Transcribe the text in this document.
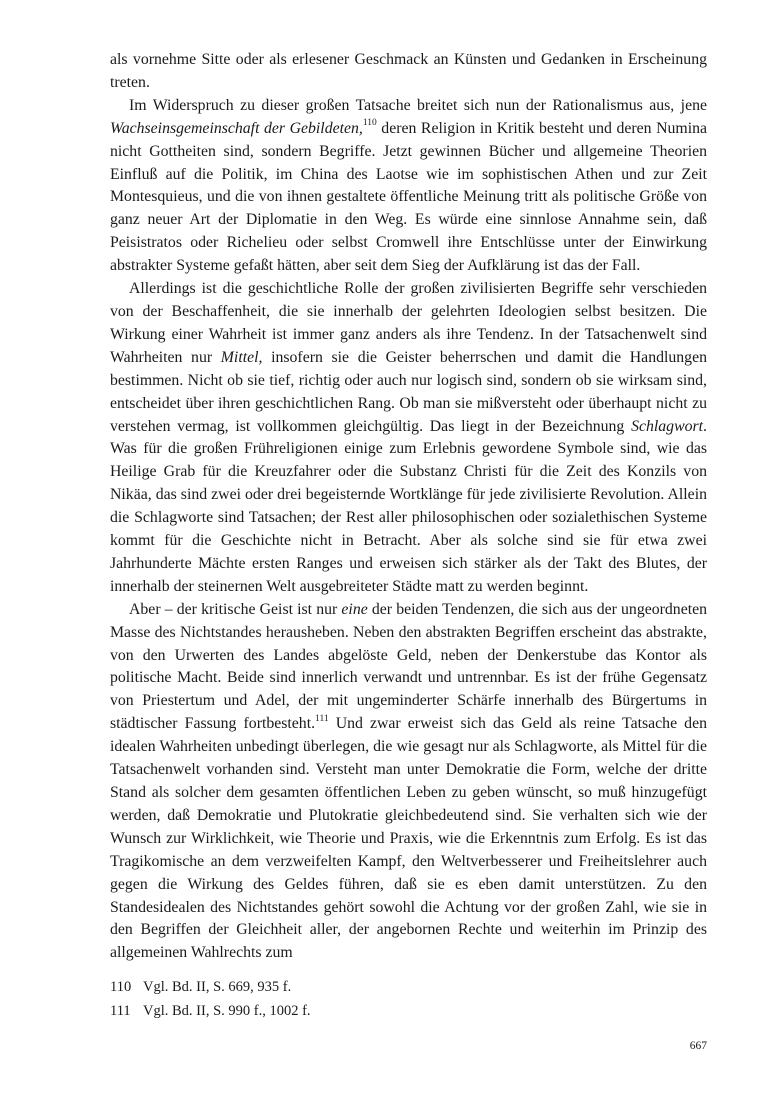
als vornehme Sitte oder als erlesener Geschmack an Künsten und Gedanken in Erscheinung treten.

Im Widerspruch zu dieser großen Tatsache breitet sich nun der Rationalismus aus, jene Wachseinsgemeinschaft der Gebildeten,$^{110}$ deren Religion in Kritik besteht und deren Numina nicht Gottheiten sind, sondern Begriffe. Jetzt gewinnen Bücher und allgemeine Theorien Einfluß auf die Politik, im China des Laotse wie im sophistischen Athen und zur Zeit Montesquieus, und die von ihnen gestaltete öffentliche Meinung tritt als politische Größe von ganz neuer Art der Diplomatie in den Weg. Es würde eine sinnlose Annahme sein, daß Peisistratos oder Richelieu oder selbst Cromwell ihre Entschlüsse unter der Einwirkung abstrakter Systeme gefaßt hätten, aber seit dem Sieg der Aufklärung ist das der Fall.

Allerdings ist die geschichtliche Rolle der großen zivilisierten Begriffe sehr verschieden von der Beschaffenheit, die sie innerhalb der gelehrten Ideologien selbst besitzen. Die Wirkung einer Wahrheit ist immer ganz anders als ihre Tendenz. In der Tatsachenwelt sind Wahrheiten nur Mittel, insofern sie die Geister beherrschen und damit die Handlungen bestimmen. Nicht ob sie tief, richtig oder auch nur logisch sind, sondern ob sie wirksam sind, entscheidet über ihren geschichtlichen Rang. Ob man sie mißversteht oder überhaupt nicht zu verstehen vermag, ist vollkommen gleichgültig. Das liegt in der Bezeichnung Schlagwort. Was für die großen Frühreligionen einige zum Erlebnis gewordene Symbole sind, wie das Heilige Grab für die Kreuzfahrer oder die Substanz Christi für die Zeit des Konzils von Nikäa, das sind zwei oder drei begeisternde Wortklänge für jede zivilisierte Revolution. Allein die Schlagworte sind Tatsachen; der Rest aller philosophischen oder sozialethischen Systeme kommt für die Geschichte nicht in Betracht. Aber als solche sind sie für etwa zwei Jahrhunderte Mächte ersten Ranges und erweisen sich stärker als der Takt des Blutes, der innerhalb der steinernen Welt ausgebreiteter Städte matt zu werden beginnt.

Aber – der kritische Geist ist nur eine der beiden Tendenzen, die sich aus der ungeordneten Masse des Nichtstandes herausheben. Neben den abstrakten Begriffen erscheint das abstrakte, von den Urwerten des Landes abgelöste Geld, neben der Denkerstube das Kontor als politische Macht. Beide sind innerlich verwandt und untrennbar. Es ist der frühe Gegensatz von Priestertum und Adel, der mit ungeminderter Schärfe innerhalb des Bürgertums in städtischer Fassung fortbesteht.$^{111}$ Und zwar erweist sich das Geld als reine Tatsache den idealen Wahrheiten unbedingt überlegen, die wie gesagt nur als Schlagworte, als Mittel für die Tatsachenwelt vorhanden sind. Versteht man unter Demokratie die Form, welche der dritte Stand als solcher dem gesamten öffentlichen Leben zu geben wünscht, so muß hinzugefügt werden, daß Demokratie und Plutokratie gleichbedeutend sind. Sie verhalten sich wie der Wunsch zur Wirklichkeit, wie Theorie und Praxis, wie die Erkenntnis zum Erfolg. Es ist das Tragikomische an dem verzweifelten Kampf, den Weltverbesserer und Freiheitslehrer auch gegen die Wirkung des Geldes führen, daß sie es eben damit unterstützen. Zu den Standesidealen des Nichtstandes gehört sowohl die Achtung vor der großen Zahl, wie sie in den Begriffen der Gleichheit aller, der angebornen Rechte und weiterhin im Prinzip des allgemeinen Wahlrechts zum

110 Vgl. Bd. II, S. 669, 935 f.
111 Vgl. Bd. II, S. 990 f., 1002 f.
667
